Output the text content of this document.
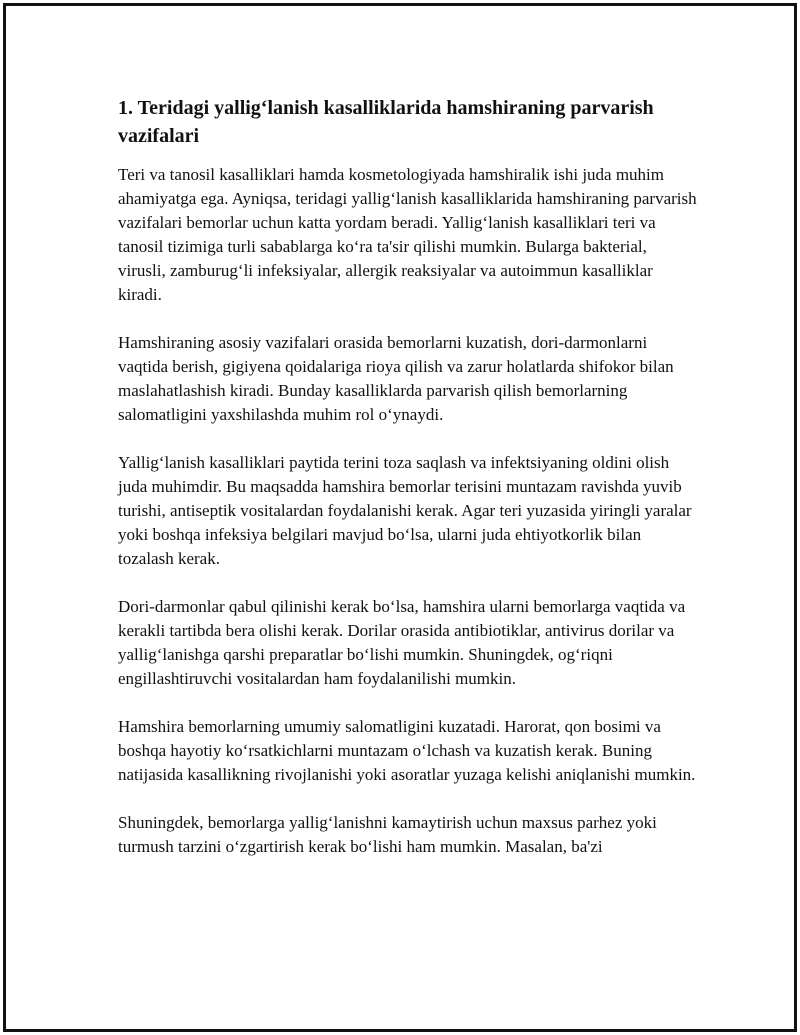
1. Teridagi yallig‘lanish kasalliklarida hamshiraning parvarish vazifalari

Teri va tanosil kasalliklari hamda kosmetologiyada hamshiralik ishi juda muhim ahamiyatga ega. Ayniqsa, teridagi yallig‘lanish kasalliklarida hamshiraning parvarish vazifalari bemorlar uchun katta yordam beradi. Yallig‘lanish kasalliklari teri va tanosil tizimiga turli sabablarga ko‘ra ta'sir qilishi mumkin. Bularga bakterial, virusli, zamburug‘li infeksiyalar, allergik reaksiyalar va autoimmun kasalliklar kiradi.

Hamshiraning asosiy vazifalari orasida bemorlarni kuzatish, dori-darmonlarni vaqtida berish, gigiyena qoidalariga rioya qilish va zarur holatlarda shifokor bilan maslahatlashish kiradi. Bunday kasalliklarda parvarish qilish bemorlarning salomatligini yaxshilashda muhim rol o‘ynaydi.

Yallig‘lanish kasalliklari paytida terini toza saqlash va infektsiyaning oldini olish juda muhimdir. Bu maqsadda hamshira bemorlar terisini muntazam ravishda yuvib turishi, antiseptik vositalardan foydalanishi kerak. Agar teri yuzasida yiringli yaralar yoki boshqa infeksiya belgilari mavjud bo‘lsa, ularni juda ehtiyotkorlik bilan tozalash kerak.

Dori-darmonlar qabul qilinishi kerak bo‘lsa, hamshira ularni bemorlarga vaqtida va kerakli tartibda bera olishi kerak. Dorilar orasida antibiotiklar, antivirus dorilar va yallig‘lanishga qarshi preparatlar bo‘lishi mumkin. Shuningdek, og‘riqni engillashtiruvchi vositalardan ham foydalanilishi mumkin.

Hamshira bemorlarning umumiy salomatligini kuzatadi. Harorat, qon bosimi va boshqa hayotiy ko‘rsatkichlarni muntazam o‘lchash va kuzatish kerak. Buning natijasida kasallikning rivojlanishi yoki asoratlar yuzaga kelishi aniqlanishi mumkin.

Shuningdek, bemorlarga yallig‘lanishni kamaytirish uchun maxsus parhez yoki turmush tarzini o‘zgartirish kerak bo‘lishi ham mumkin. Masalan, ba'zi
